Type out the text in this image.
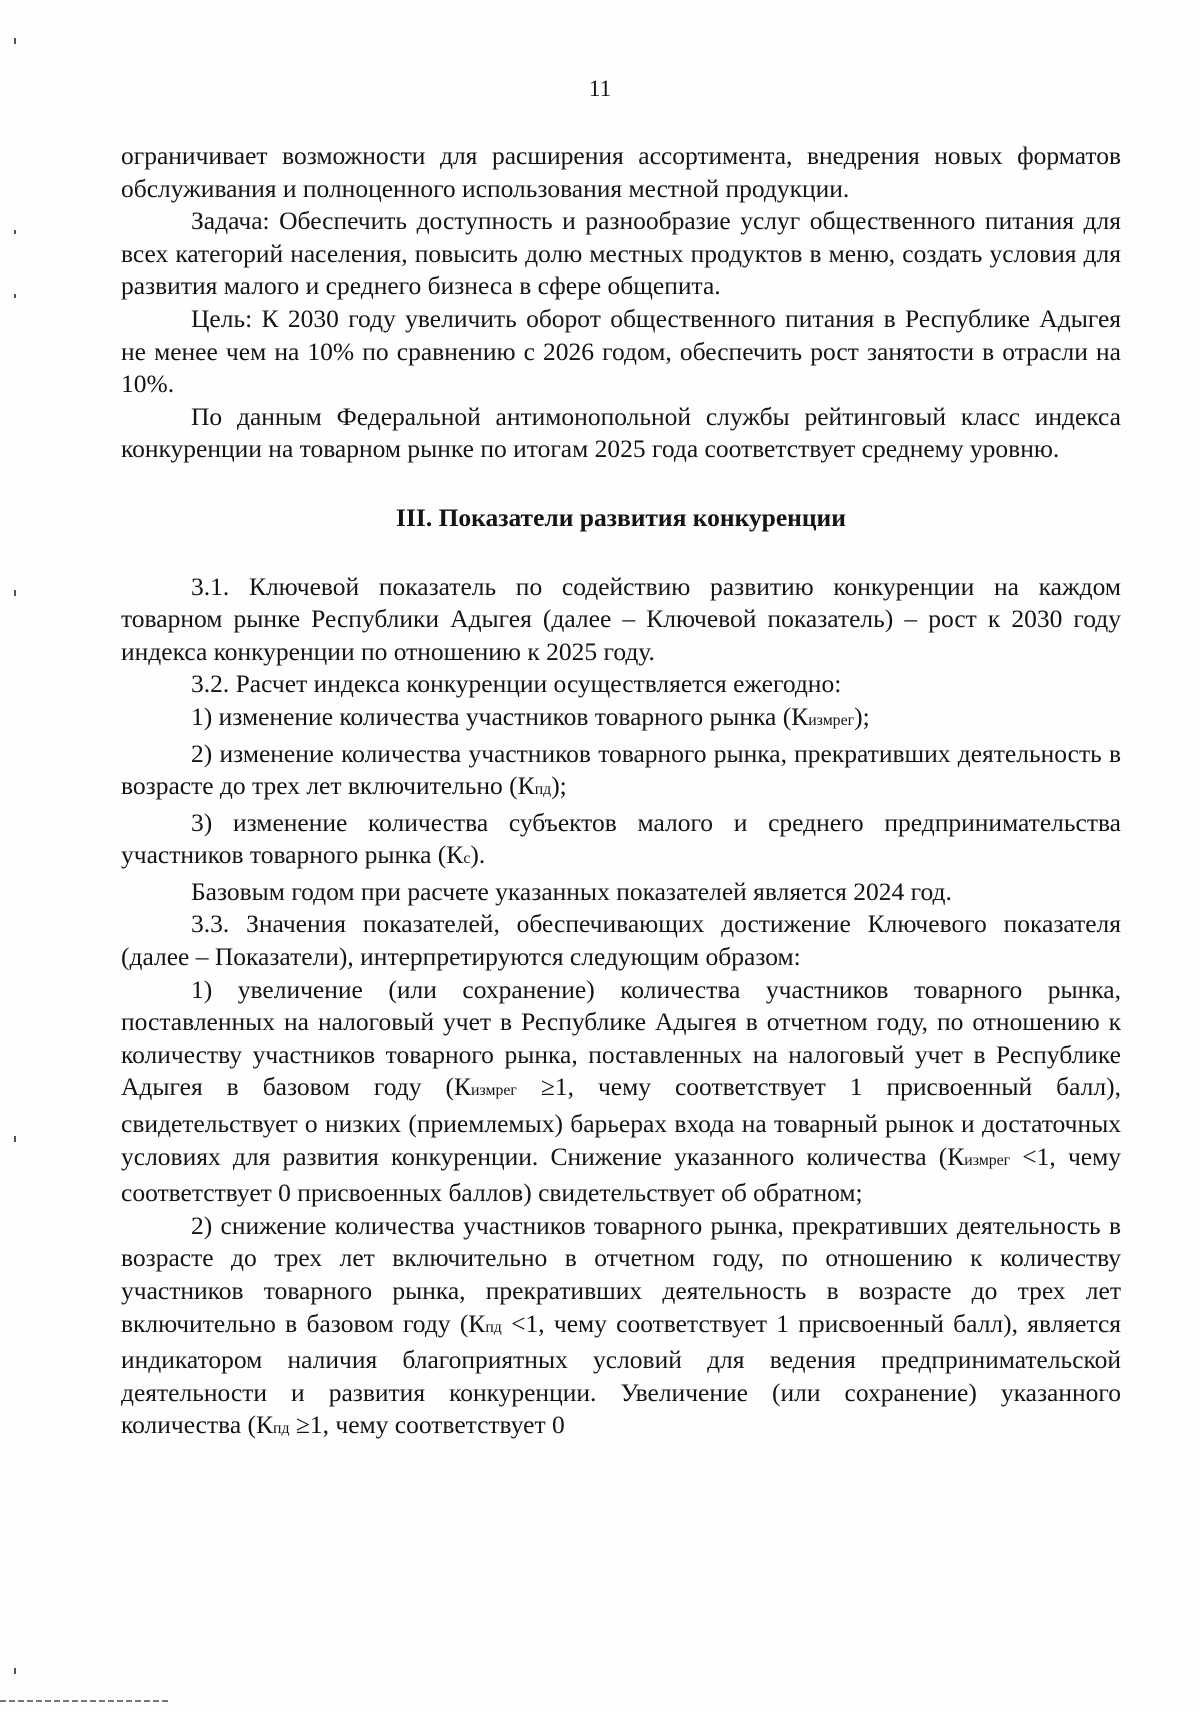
11

ограничивает возможности для расширения ассортимента, внедрения новых форматов обслуживания и полноценного использования местной продукции.

Задача: Обеспечить доступность и разнообразие услуг общественного питания для всех категорий населения, повысить долю местных продуктов в меню, создать условия для развития малого и среднего бизнеса в сфере общепита.

Цель: К 2030 году увеличить оборот общественного питания в Республике Адыгея не менее чем на 10% по сравнению с 2026 годом, обеспечить рост занятости в отрасли на 10%.

По данным Федеральной антимонопольной службы рейтинговый класс индекса конкуренции на товарном рынке по итогам 2025 года соответствует среднему уровню.

III. Показатели развития конкуренции

3.1. Ключевой показатель по содействию развитию конкуренции на каждом товарном рынке Республики Адыгея (далее – Ключевой показатель) – рост к 2030 году индекса конкуренции по отношению к 2025 году.

3.2. Расчет индекса конкуренции осуществляется ежегодно:

1) изменение количества участников товарного рынка (Кизмрег);

2) изменение количества участников товарного рынка, прекративших деятельность в возрасте до трех лет включительно (Кпд);

3) изменение количества субъектов малого и среднего предпринимательства участников товарного рынка (Кс).

Базовым годом при расчете указанных показателей является 2024 год.

3.3. Значения показателей, обеспечивающих достижение Ключевого показателя (далее – Показатели), интерпретируются следующим образом:

1) увеличение (или сохранение) количества участников товарного рынка, поставленных на налоговый учет в Республике Адыгея в отчетном году, по отношению к количеству участников товарного рынка, поставленных на налоговый учет в Республике Адыгея в базовом году (Кизмрег ≥1, чему соответствует 1 присвоенный балл), свидетельствует о низких (приемлемых) барьерах входа на товарный рынок и достаточных условиях для развития конкуренции. Снижение указанного количества (Кизмрег <1, чему соответствует 0 присвоенных баллов) свидетельствует об обратном;

2) снижение количества участников товарного рынка, прекративших деятельность в возрасте до трех лет включительно в отчетном году, по отношению к количеству участников товарного рынка, прекративших деятельность в возрасте до трех лет включительно в базовом году (Кпд <1, чему соответствует 1 присвоенный балл), является индикатором наличия благоприятных условий для ведения предпринимательской деятельности и развития конкуренции. Увеличение (или сохранение) указанного количества (Кпд ≥1, чему соответствует 0
